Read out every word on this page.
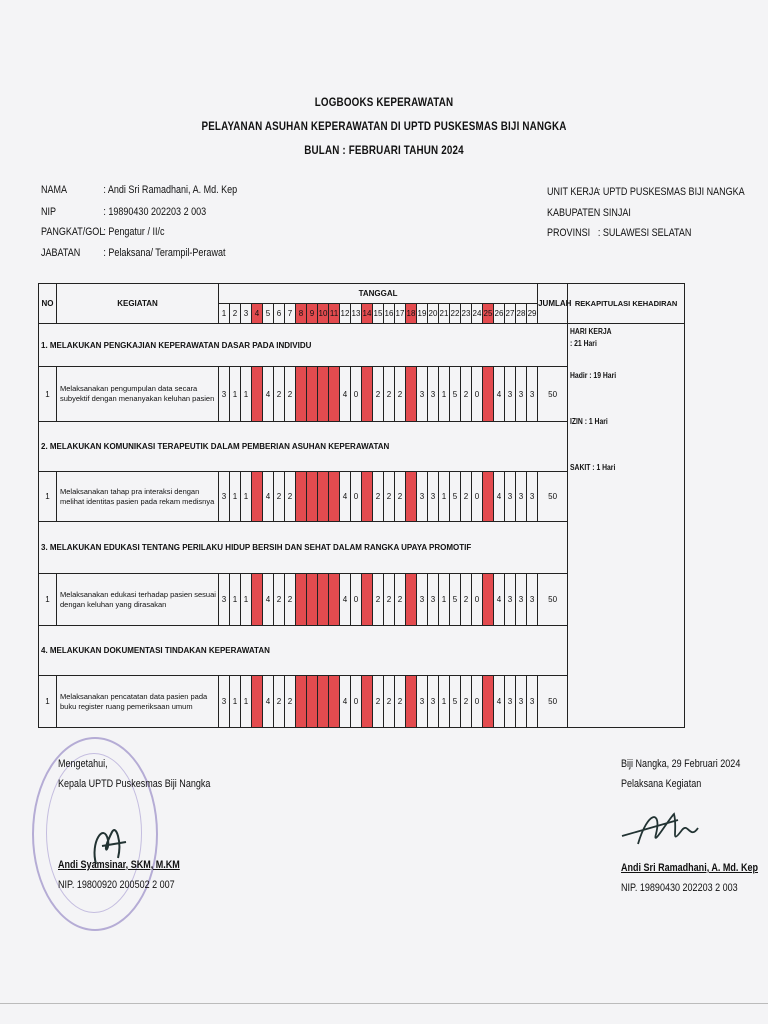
LOGBOOKS KEPERAWATAN
PELAYANAN ASUHAN KEPERAWATAN DI UPTD PUSKESMAS BIJI NANGKA
BULAN : FEBRUARI TAHUN 2024
NAMA	: Andi Sri Ramadhani, A. Md. Kep
NIP	: 19890430 202203 2 003
PANGKAT/GOL: Pengatur / II/c
JABATAN : Pelaksana/ Terampil-Perawat
UNIT KERJA: UPTD PUSKESMAS BIJI NANGKA
KABUPATEN: SINJAI
PROVINSI : SULAWESI SELATAN
NO	KEGIATAN	TANGGAL																													JUMLAH	REKAPITULASI KEHADIRAN
		1	2	3	4	5	6	7	8	9	10	11	12	13	14	15	16	17	18	19	20	21	22	23	24	25	26	27	28	29		
1. MELAKUKAN PENGKAJIAN KEPERAWATAN DASAR PADA INDIVIDU																																HARI KERJA
: 21 Hari
Hadir : 19 Hari
IZIN : 1 Hari
SAKIT : 1 Hari

1	Melaksanakan pengumpulan data secara subyektif dengan menanyakan keluhan pasien	3	1	1		4	2	2					4	0		2	2	2		3	3	1	5	2	0		4	3	3	3	50	
2. MELAKUKAN KOMUNIKASI TERAPEUTIK DALAM PEMBERIAN ASUHAN KEPERAWATAN																																
1	Melaksanakan tahap pra interaksi dengan melihat identitas pasien pada rekam medisnya	3	1	1		4	2	2					4	0		2	2	2		3	3	1	5	2	0		4	3	3	3	50	
3. MELAKUKAN EDUKASI TENTANG PERILAKU HIDUP BERSIH DAN SEHAT DALAM RANGKA UPAYA PROMOTIF																																
1	Melaksanakan edukasi terhadap pasien sesuai dengan keluhan yang dirasakan	3	1	1		4	2	2					4	0		2	2	2		3	3	1	5	2	0		4	3	3	3	50	
4. MELAKUKAN DOKUMENTASI TINDAKAN KEPERAWATAN																																
1	Melaksanakan pencatatan data pasien pada buku register ruang pemeriksaan umum	3	1	1		4	2	2					4	0		2	2	2		3	3	1	5	2	0		4	3	3	3	50	
Mengetahui,
Kepala UPTD Puskesmas Biji Nangka
Andi Syamsinar, SKM, M.KM
NIP. 19800920 200502 2 007
Biji Nangka, 29 Februari 2024
Pelaksana Kegiatan
Andi Sri Ramadhani, A. Md. Kep
NIP. 19890430 202203 2 003
